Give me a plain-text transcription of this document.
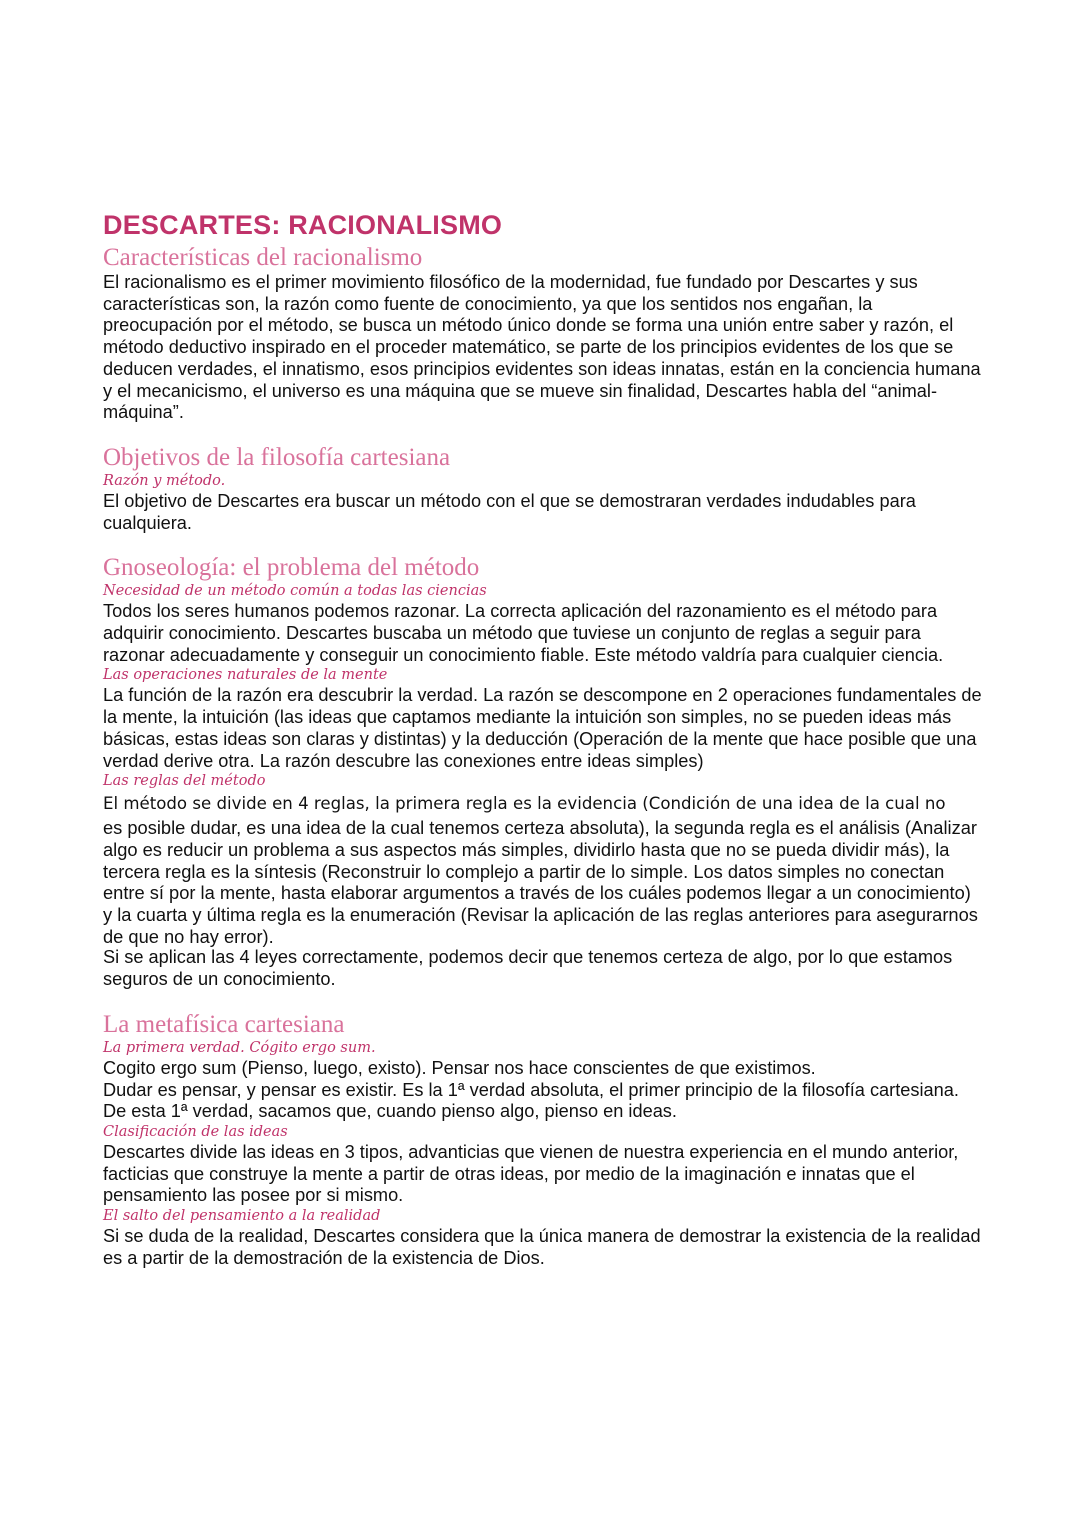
DESCARTES: RACIONALISMO
Características del racionalismo

El racionalismo es el primer movimiento filosófico de la modernidad, fue fundado por Descartes y sus características son, la razón como fuente de conocimiento, ya que los sentidos nos engañan, la preocupación por el método, se busca un método único donde se forma una unión entre saber y razón, el método deductivo inspirado en el proceder matemático, se parte de los principios evidentes de los que se deducen verdades, el innatismo, esos principios evidentes son ideas innatas, están en la conciencia humana y el mecanicismo, el universo es una máquina que se mueve sin finalidad, Descartes habla del “animal-máquina”.

Objetivos de la filosofía cartesiana

Razón y método.

El objetivo de Descartes era buscar un método con el que se demostraran verdades indudables para cualquiera.

Gnoseología: el problema del método

Necesidad de un método común a todas las ciencias

Todos los seres humanos podemos razonar. La correcta aplicación del razonamiento es el método para adquirir conocimiento. Descartes buscaba un método que tuviese un conjunto de reglas a seguir para razonar adecuadamente y conseguir un conocimiento fiable. Este método valdría para cualquier ciencia.

Las operaciones naturales de la mente

La función de la razón era descubrir la verdad. La razón se descompone en 2 operaciones fundamentales de la mente, la intuición (las ideas que captamos mediante la intuición son simples, no se pueden ideas más básicas, estas ideas son claras y distintas) y la deducción (Operación de la mente que hace posible que una verdad derive otra. La razón descubre las conexiones entre ideas simples)

Las reglas del método

El método se divide en 4 reglas, la primera regla es la evidencia (Condición de una idea de la cual no

es posible dudar, es una idea de la cual tenemos certeza absoluta), la segunda regla es el análisis (Analizar algo es reducir un problema a sus aspectos más simples, dividirlo hasta que no se pueda dividir más), la tercera regla es la síntesis (Reconstruir lo complejo a partir de lo simple. Los datos simples no conectan entre sí por la mente, hasta elaborar argumentos a través de los cuáles podemos llegar a un conocimiento) y la cuarta y última regla es la enumeración (Revisar la aplicación de las reglas anteriores para asegurarnos de que no hay error).

Si se aplican las 4 leyes correctamente, podemos decir que tenemos certeza de algo, por lo que estamos seguros de un conocimiento.

La metafísica cartesiana

La primera verdad. Cógito ergo sum.

Cogito ergo sum (Pienso, luego, existo). Pensar nos hace conscientes de que existimos.

Dudar es pensar, y pensar es existir. Es la 1ª verdad absoluta, el primer principio de la filosofía cartesiana.

De esta 1ª verdad, sacamos que, cuando pienso algo, pienso en ideas.

Clasificación de las ideas

Descartes divide las ideas en 3 tipos, advanticias que vienen de nuestra experiencia en el mundo anterior, facticias que construye la mente a partir de otras ideas, por medio de la imaginación e innatas que el pensamiento las posee por si mismo.

El salto del pensamiento a la realidad

Si se duda de la realidad, Descartes considera que la única manera de demostrar la existencia de la realidad es a partir de la demostración de la existencia de Dios.
